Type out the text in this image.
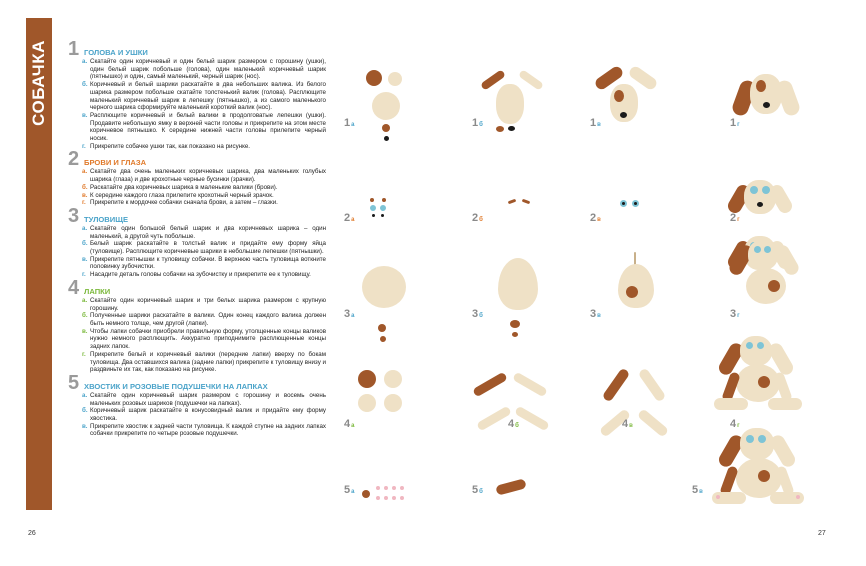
СОБАЧКА 1 ГОЛОВА И УШКИ
а. Скатайте один коричневый и один белый шарик размером с горошину (ушки), один белый шарик побольше (голова), один маленький коричневый шарик (пятнышко) и один, самый маленький, черный шарик (нос).
б. Коричневый и белый шарики раскатайте в два небольших валика. Из белого шарика размером побольше скатайте толстенький валик (голова). Расплющите маленький коричневый шарик в лепешку (пятнышко), а из самого маленького черного шарика сформируйте маленький короткий валик (нос).
в. Расплющите коричневый и белый валики в продолговатые лепешки (ушки). Продавите небольшую ямку в верхней части головы и прикрепите на этом месте коричневое пятнышко. К середине нижней части головы прилепите черный носик.
г. Прикрепите собачке ушки так, как показано на рисунке.
2 БРОВИ И ГЛАЗА
а. Скатайте два очень маленьких коричневых шарика, два маленьких голубых шарика (глаза) и две крохотные черные бусинки (зрачки).
б. Раскатайте два коричневых шарика в маленькие валики (брови).
в. К середине каждого глаза прилепите крохотный черный зрачок.
г. Прикрепите к мордочке собачки сначала брови, а затем – глазки.
3 ТУЛОВИЩЕ
а. Скатайте один большой белый шарик и два коричневых шарика – один маленький, а другой чуть побольше.
б. Белый шарик раскатайте в толстый валик и придайте ему форму яйца (туловище). Расплющите коричневые шарики в небольшие лепешки (пятнышки).
в. Прикрепите пятнышки к туловищу собачки. В верхнюю часть туловища воткните половинку зубочистки.
г. Насадите деталь головы собачки на зубочистку и прикрепите ее к туловищу.
4 ЛАПКИ
а. Скатайте один коричневый шарик и три белых шарика размером с крупную горошину.
б. Полученные шарики раскатайте в валики. Один конец каждого валика должен быть немного толще, чем другой (лапки).
в. Чтобы лапки собачки приобрели правильную форму, утолщенные концы валиков нужно немного расплющить. Аккуратно приподнимите расплющенные концы задних лапок.
г. Прикрепите белый и коричневый валики (передние лапки) вверху по бокам туловища. Два оставшихся валика (задние лапки) прикрепите к туловищу внизу и раздвиньте их так, как показано на рисунке.
5 ХВОСТИК И РОЗОВЫЕ ПОДУШЕЧКИ НА ЛАПКАХ
а. Скатайте один коричневый шарик размером с горошину и восемь очень маленьких розовых шариков (подушечки на лапках).
б. Коричневый шарик раскатайте в конусовидный валик и придайте ему форму хвостика.
в. Прикрепите хвостик к задней части туловища. К каждой ступне на задних лапках собачки прикрепите по четыре розовые подушечки.
26	27
1а	1б	1в	1г
2а	2б	2в	2г
3а	3б	3в	3г
4а	4б	4в	4г
5а	5б	5в
